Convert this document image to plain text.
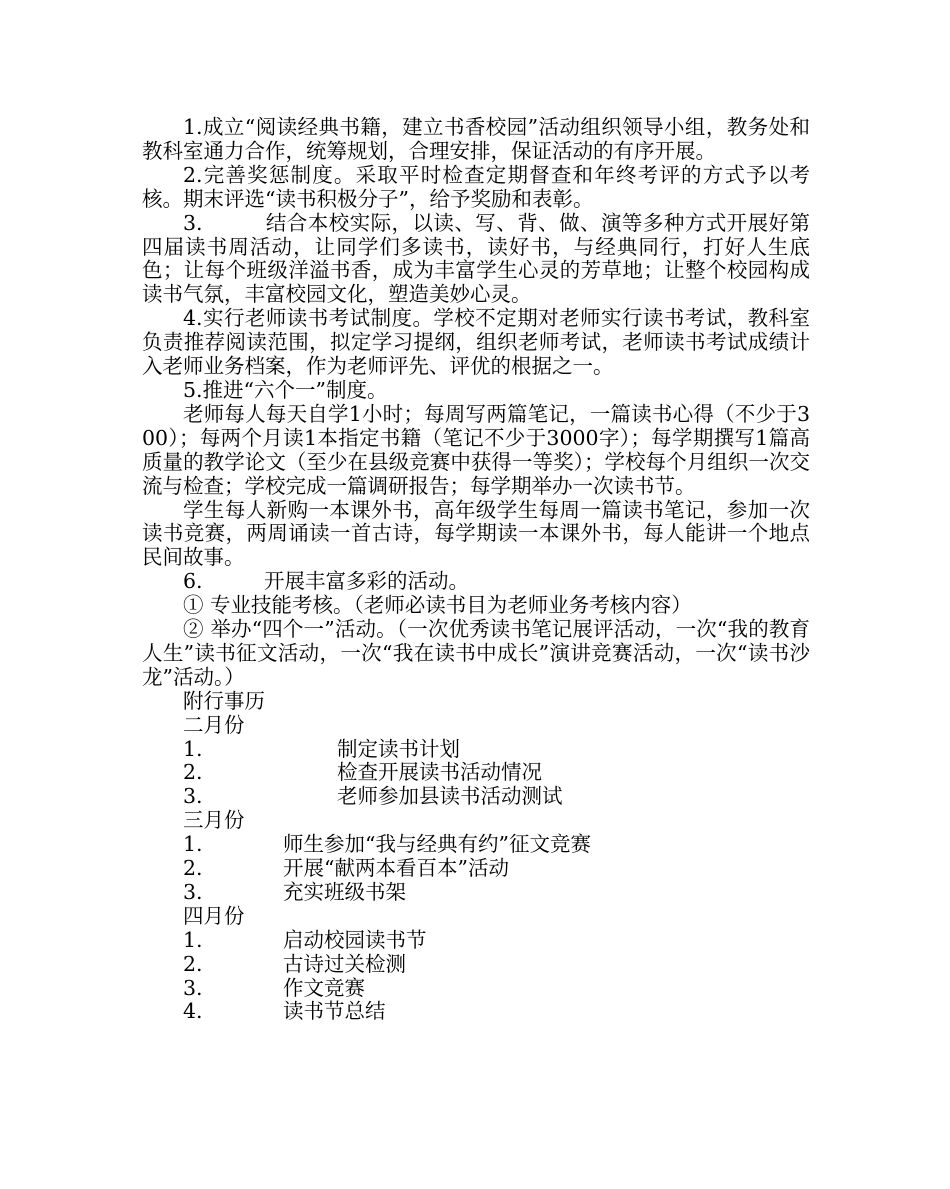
1.成立“阅读经典书籍，建立书香校园”活动组织领导小组，教务处和教科室通力合作，统筹规划，合理安排，保证活动的有序开展。

2.完善奖惩制度。采取平时检查定期督查和年终考评的方式予以考核。期末评选“读书积极分子”，给予奖励和表彰。

3.　　　结合本校实际，以读、写、背、做、演等多种方式开展好第四届读书周活动，让同学们多读书，读好书，与经典同行，打好人生底色；让每个班级洋溢书香，成为丰富学生心灵的芳草地；让整个校园构成读书气氛，丰富校园文化，塑造美妙心灵。

4.实行老师读书考试制度。学校不定期对老师实行读书考试，教科室负责推荐阅读范围，拟定学习提纲，组织老师考试，老师读书考试成绩计入老师业务档案，作为老师评先、评优的根据之一。

5.推进“六个一”制度。

老师每人每天自学1小时；每周写两篇笔记，一篇读书心得（不少于300）；每两个月读1本指定书籍（笔记不少于3000字）；每学期撰写1篇高质量的教学论文（至少在县级竞赛中获得一等奖）；学校每个月组织一次交流与检查；学校完成一篇调研报告；每学期举办一次读书节。

学生每人新购一本课外书，高年级学生每周一篇读书笔记，参加一次读书竞赛，两周诵读一首古诗，每学期读一本课外书，每人能讲一个地点民间故事。

6.　　　开展丰富多彩的活动。

① 专业技能考核。（老师必读书目为老师业务考核内容）

② 举办“四个一”活动。（一次优秀读书笔记展评活动，一次“我的教育人生”读书征文活动，一次“我在读书中成长”演讲竞赛活动，一次“读书沙龙”活动。）

附行事历

二月份

1.	制定读书计划
2.	检查开展读书活动情况
3.	老师参加县读书活动测试

三月份

1.	师生参加“我与经典有约”征文竞赛
2.	开展“献两本看百本”活动
3.	充实班级书架

四月份

1.	启动校园读书节
2.	古诗过关检测
3.	作文竞赛
4.	读书节总结
